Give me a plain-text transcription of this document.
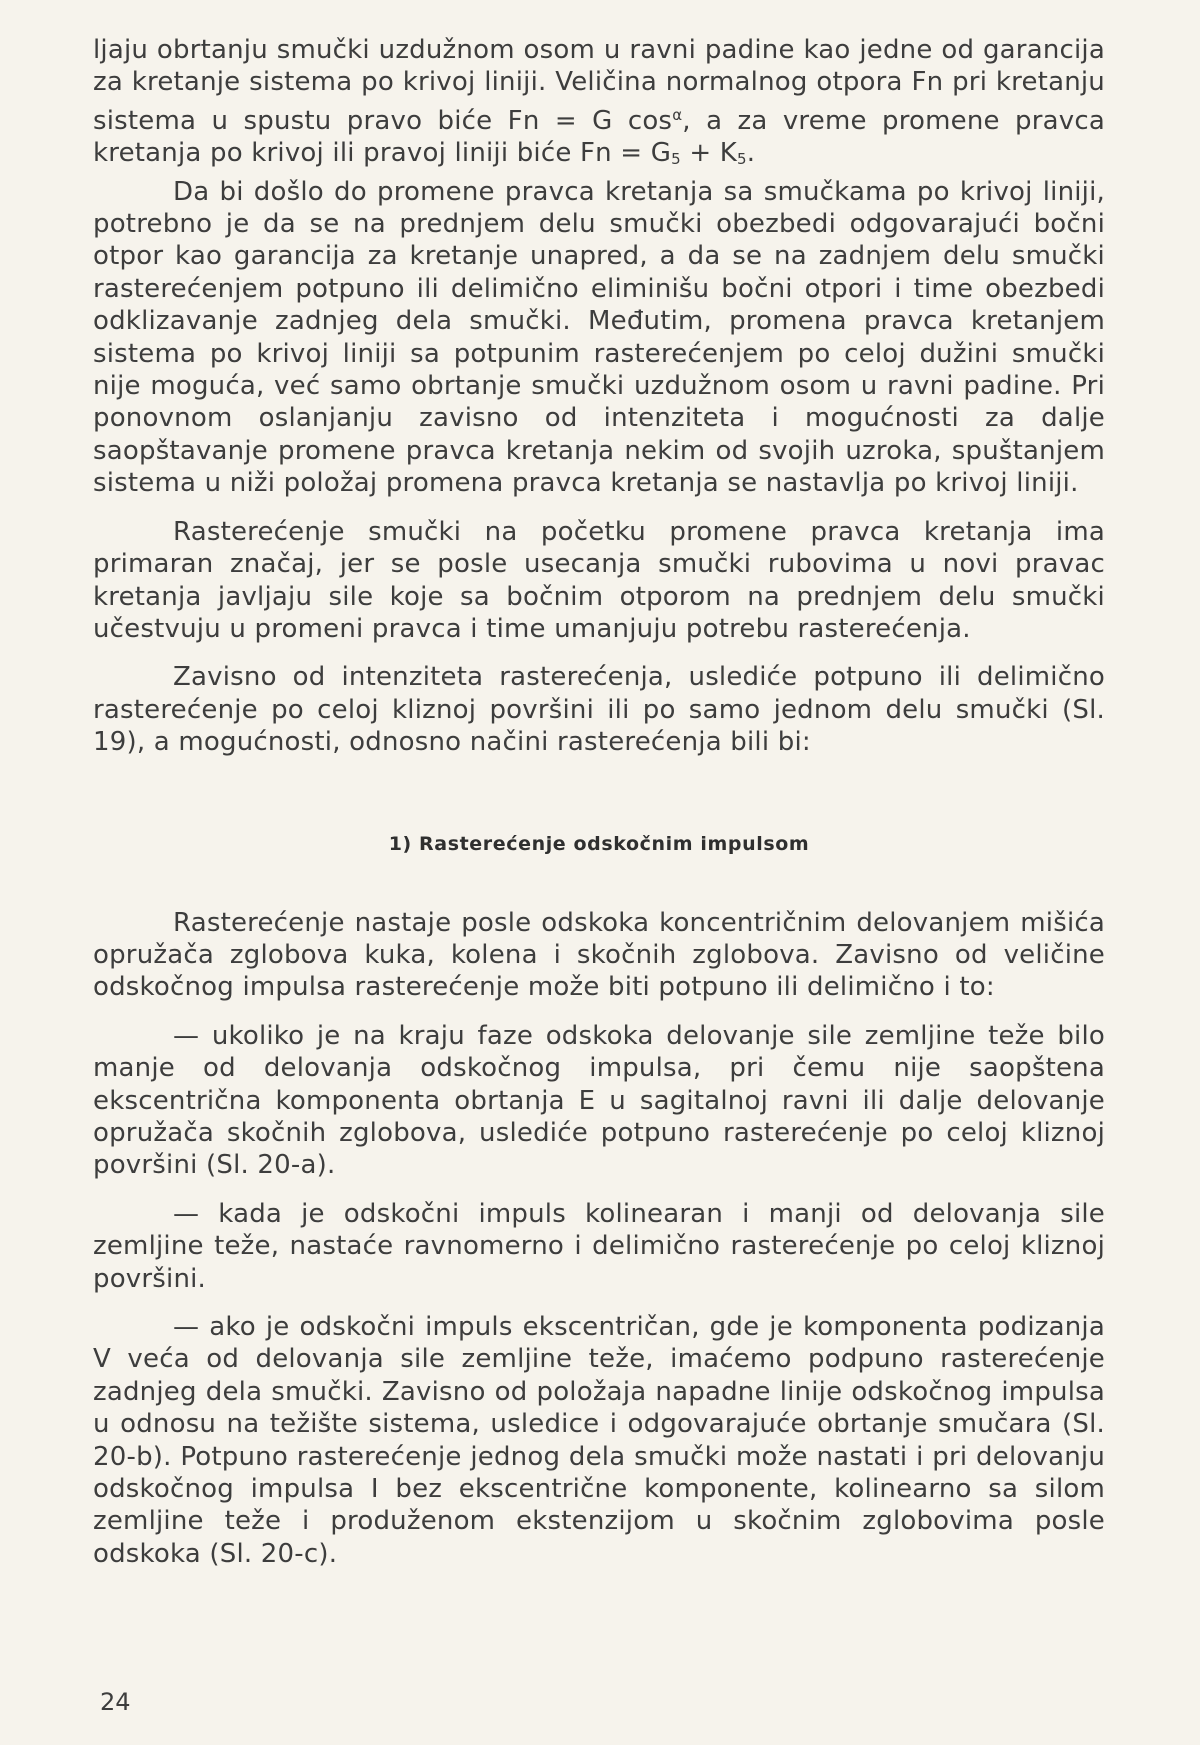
ljaju obrtanju smučki uzdužnom osom u ravni padine kao jedne od garancija za kretanje sistema po krivoj liniji. Veličina normalnog otpora Fn pri kretanju sistema u spustu pravo biće Fn = G $\cos^\alpha$, a za vreme promene pravca kretanja po krivoj ili pravoj liniji biće $Fn = G_5 + K_5$.

Da bi došlo do promene pravca kretanja sa smučkama po krivoj liniji, potrebno je da se na prednjem delu smučki obezbedi odgovarajući bočni otpor kao garancija za kretanje unapred, a da se na zadnjem delu smučki rasterećenjem potpuno ili delimično eliminišu bočni otpori i time obezbedi odklizavanje zadnjeg dela smučki. Međutim, promena pravca kretanjem sistema po krivoj liniji sa potpunim rasterećenjem po celoj dužini smučki nije moguća, već samo obrtanje smučki uzdužnom osom u ravni padine. Pri ponovnom oslanjanju zavisno od intenziteta i mogućnosti za dalje saopštavanje promene pravca kretanja nekim od svojih uzroka, spuštanjem sistema u niži položaj promena pravca kretanja se nastavlja po krivoj liniji.

Rasterećenje smučki na početku promene pravca kretanja ima primaran značaj, jer se posle usecanja smučki rubovima u novi pravac kretanja javljaju sile koje sa bočnim otporom na prednjem delu smučki učestvuju u promeni pravca i time umanjuju potrebu rasterećenja.

Zavisno od intenziteta rasterećenja, uslediće potpuno ili delimično rasterećenje po celoj kliznoj površini ili po samo jednom delu smučki (Sl. 19), a mogućnosti, odnosno načini rasterećenja bili bi:

1) Rasterećenje odskočnim impulsom

Rasterećenje nastaje posle odskoka koncentričnim delovanjem mišića opružača zglobova kuka, kolena i skočnih zglobova. Zavisno od veličine odskočnog impulsa rasterećenje može biti potpuno ili delimično i to:

— ukoliko je na kraju faze odskoka delovanje sile zemljine teže bilo manje od delovanja odskočnog impulsa, pri čemu nije saopštena ekscentrična komponenta obrtanja E u sagitalnoj ravni ili dalje delovanje opružača skočnih zglobova, uslediće potpuno rasterećenje po celoj kliznoj površini (Sl. 20-a).

— kada je odskočni impuls kolinearan i manji od delovanja sile zemljine teže, nastaće ravnomerno i delimično rasterećenje po celoj kliznoj površini.

— ako je odskočni impuls ekscentričan, gde je komponenta podizanja V veća od delovanja sile zemljine teže, imaćemo podpuno rasterećenje zadnjeg dela smučki. Zavisno od položaja napadne linije odskočnog impulsa u odnosu na težište sistema, usledice i odgovarajuće obrtanje smučara (Sl. 20-b). Potpuno rasterećenje jednog dela smučki može nastati i pri delovanju odskočnog impulsa I bez ekscentrične komponente, kolinearno sa silom zemljine teže i produženom ekstenzijom u skočnim zglobovima posle odskoka (Sl. 20-c).

24
